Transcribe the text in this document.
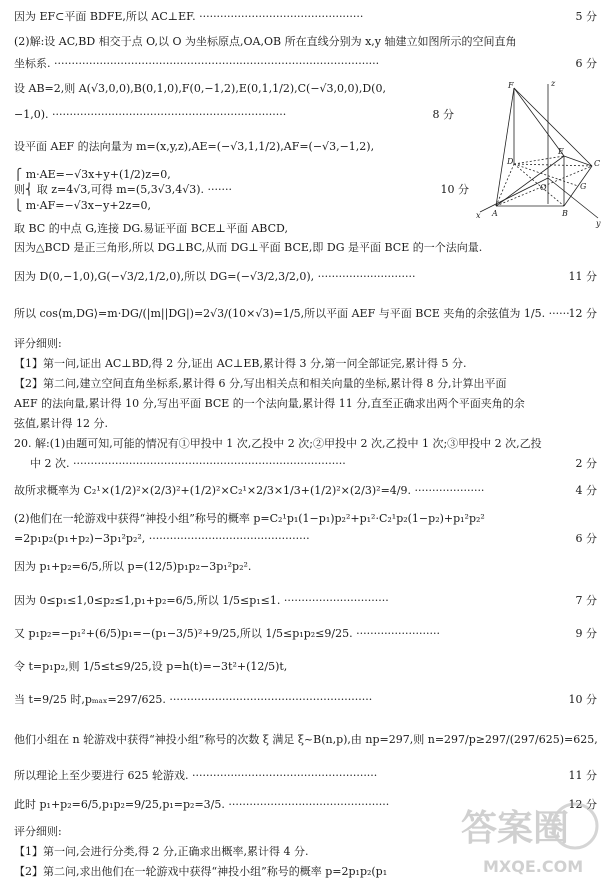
因为 EF⊂平面 BDFE,所以 AC⊥EF. ···············································	5 分
(2)解:设 AC,BD 相交于点 O,以 O 为坐标原点,OA,OB 所在直线分别为 x,y 轴建立如图所示的空间直角
坐标系. ·····························································································	6 分
设 AB=2,则 A(√3,0,0),B(0,1,0),F(0,−1,2),E(0,1,1/2),C(−√3,0,0),D(0,
−1,0). ···································································	8 分
设平面 AEF 的法向量为 m=(x,y,z),AE=(−√3,1,1/2),AF=(−√3,−1,2),
⎧ m·AE=−√3x+y+(1/2)z=0,
则⎨ 取 z=4√3,可得 m=(5,3√3,4√3). ·······	10 分
⎩ m·AF=−√3x−y+2z=0,
取 BC 的中点 G,连接 DG.易证平面 BCE⊥平面 ABCD,
因为△BCD 是正三角形,所以 DG⊥BC,从而 DG⊥平面 BCE,即 DG 是平面 BCE 的一个法向量.
因为 D(0,−1,0),G(−√3/2,1/2,0),所以 DG=(−√3/2,3/2,0), ····························	11 分
所以 cos⟨m,DG⟩=m·DG/(|m||DG|)=2√3/(10×√3)=1/5,所以平面 AEF 与平面 BCE 夹角的余弦值为 1/5. ······
12 分
评分细则:
【1】第一问,证出 AC⊥BD,得 2 分,证出 AC⊥EB,累计得 3 分,第一问全部证完,累计得 5 分.
【2】第二问,建立空间直角坐标系,累计得 6 分,写出相关点和相关向量的坐标,累计得 8 分,计算出平面
AEF 的法向量,累计得 10 分,写出平面 BCE 的一个法向量,累计得 11 分,直至正确求出两个平面夹角的余
弦值,累计得 12 分.
20. 解:(1)由题可知,可能的情况有①甲投中 1 次,乙投中 2 次;②甲投中 2 次,乙投中 1 次;③甲投中 2 次,乙投
中 2 次. ··············································································	2 分
故所求概率为 C₂¹×(1/2)²×(2/3)²+(1/2)²×C₂¹×2/3×1/3+(1/2)²×(2/3)²=4/9. ····················	4 分
(2)他们在一轮游戏中获得“神投小组”称号的概率 p=C₂¹p₁(1−p₁)p₂²+p₁²·C₂¹p₂(1−p₂)+p₁²p₂²
=2p₁p₂(p₁+p₂)−3p₁²p₂², ··············································	6 分
因为 p₁+p₂=6/5,所以 p=(12/5)p₁p₂−3p₁²p₂².
因为 0≤p₁≤1,0≤p₂≤1,p₁+p₂=6/5,所以 1/5≤p₁≤1. ······························	7 分
又 p₁p₂=−p₁²+(6/5)p₁=−(p₁−3/5)²+9/25,所以 1/5≤p₁p₂≤9/25. ························	9 分
令 t=p₁p₂,则 1/5≤t≤9/25,设 p=h(t)=−3t²+(12/5)t,
当 t=9/25 时,pₘₐₓ=297/625. ··························································	10 分
他们小组在 n 轮游戏中获得“神投小组”称号的次数 ξ 满足 ξ~B(n,p),由 np=297,则 n=297/p≥297/(297/625)=625,
所以理论上至少要进行 625 轮游戏. ·····················································	11 分
此时 p₁+p₂=6/5,p₁p₂=9/25,p₁=p₂=3/5. ··············································	12 分
评分细则:
【1】第一问,会进行分类,得 2 分,正确求出概率,累计得 4 分.
【2】第二问,求出他们在一轮游戏中获得“神投小组”称号的概率 p=2p₁p₂(p₁
F	z
E
D	C
O	G
A	B
x
y
答案圈
MXQE.COM
